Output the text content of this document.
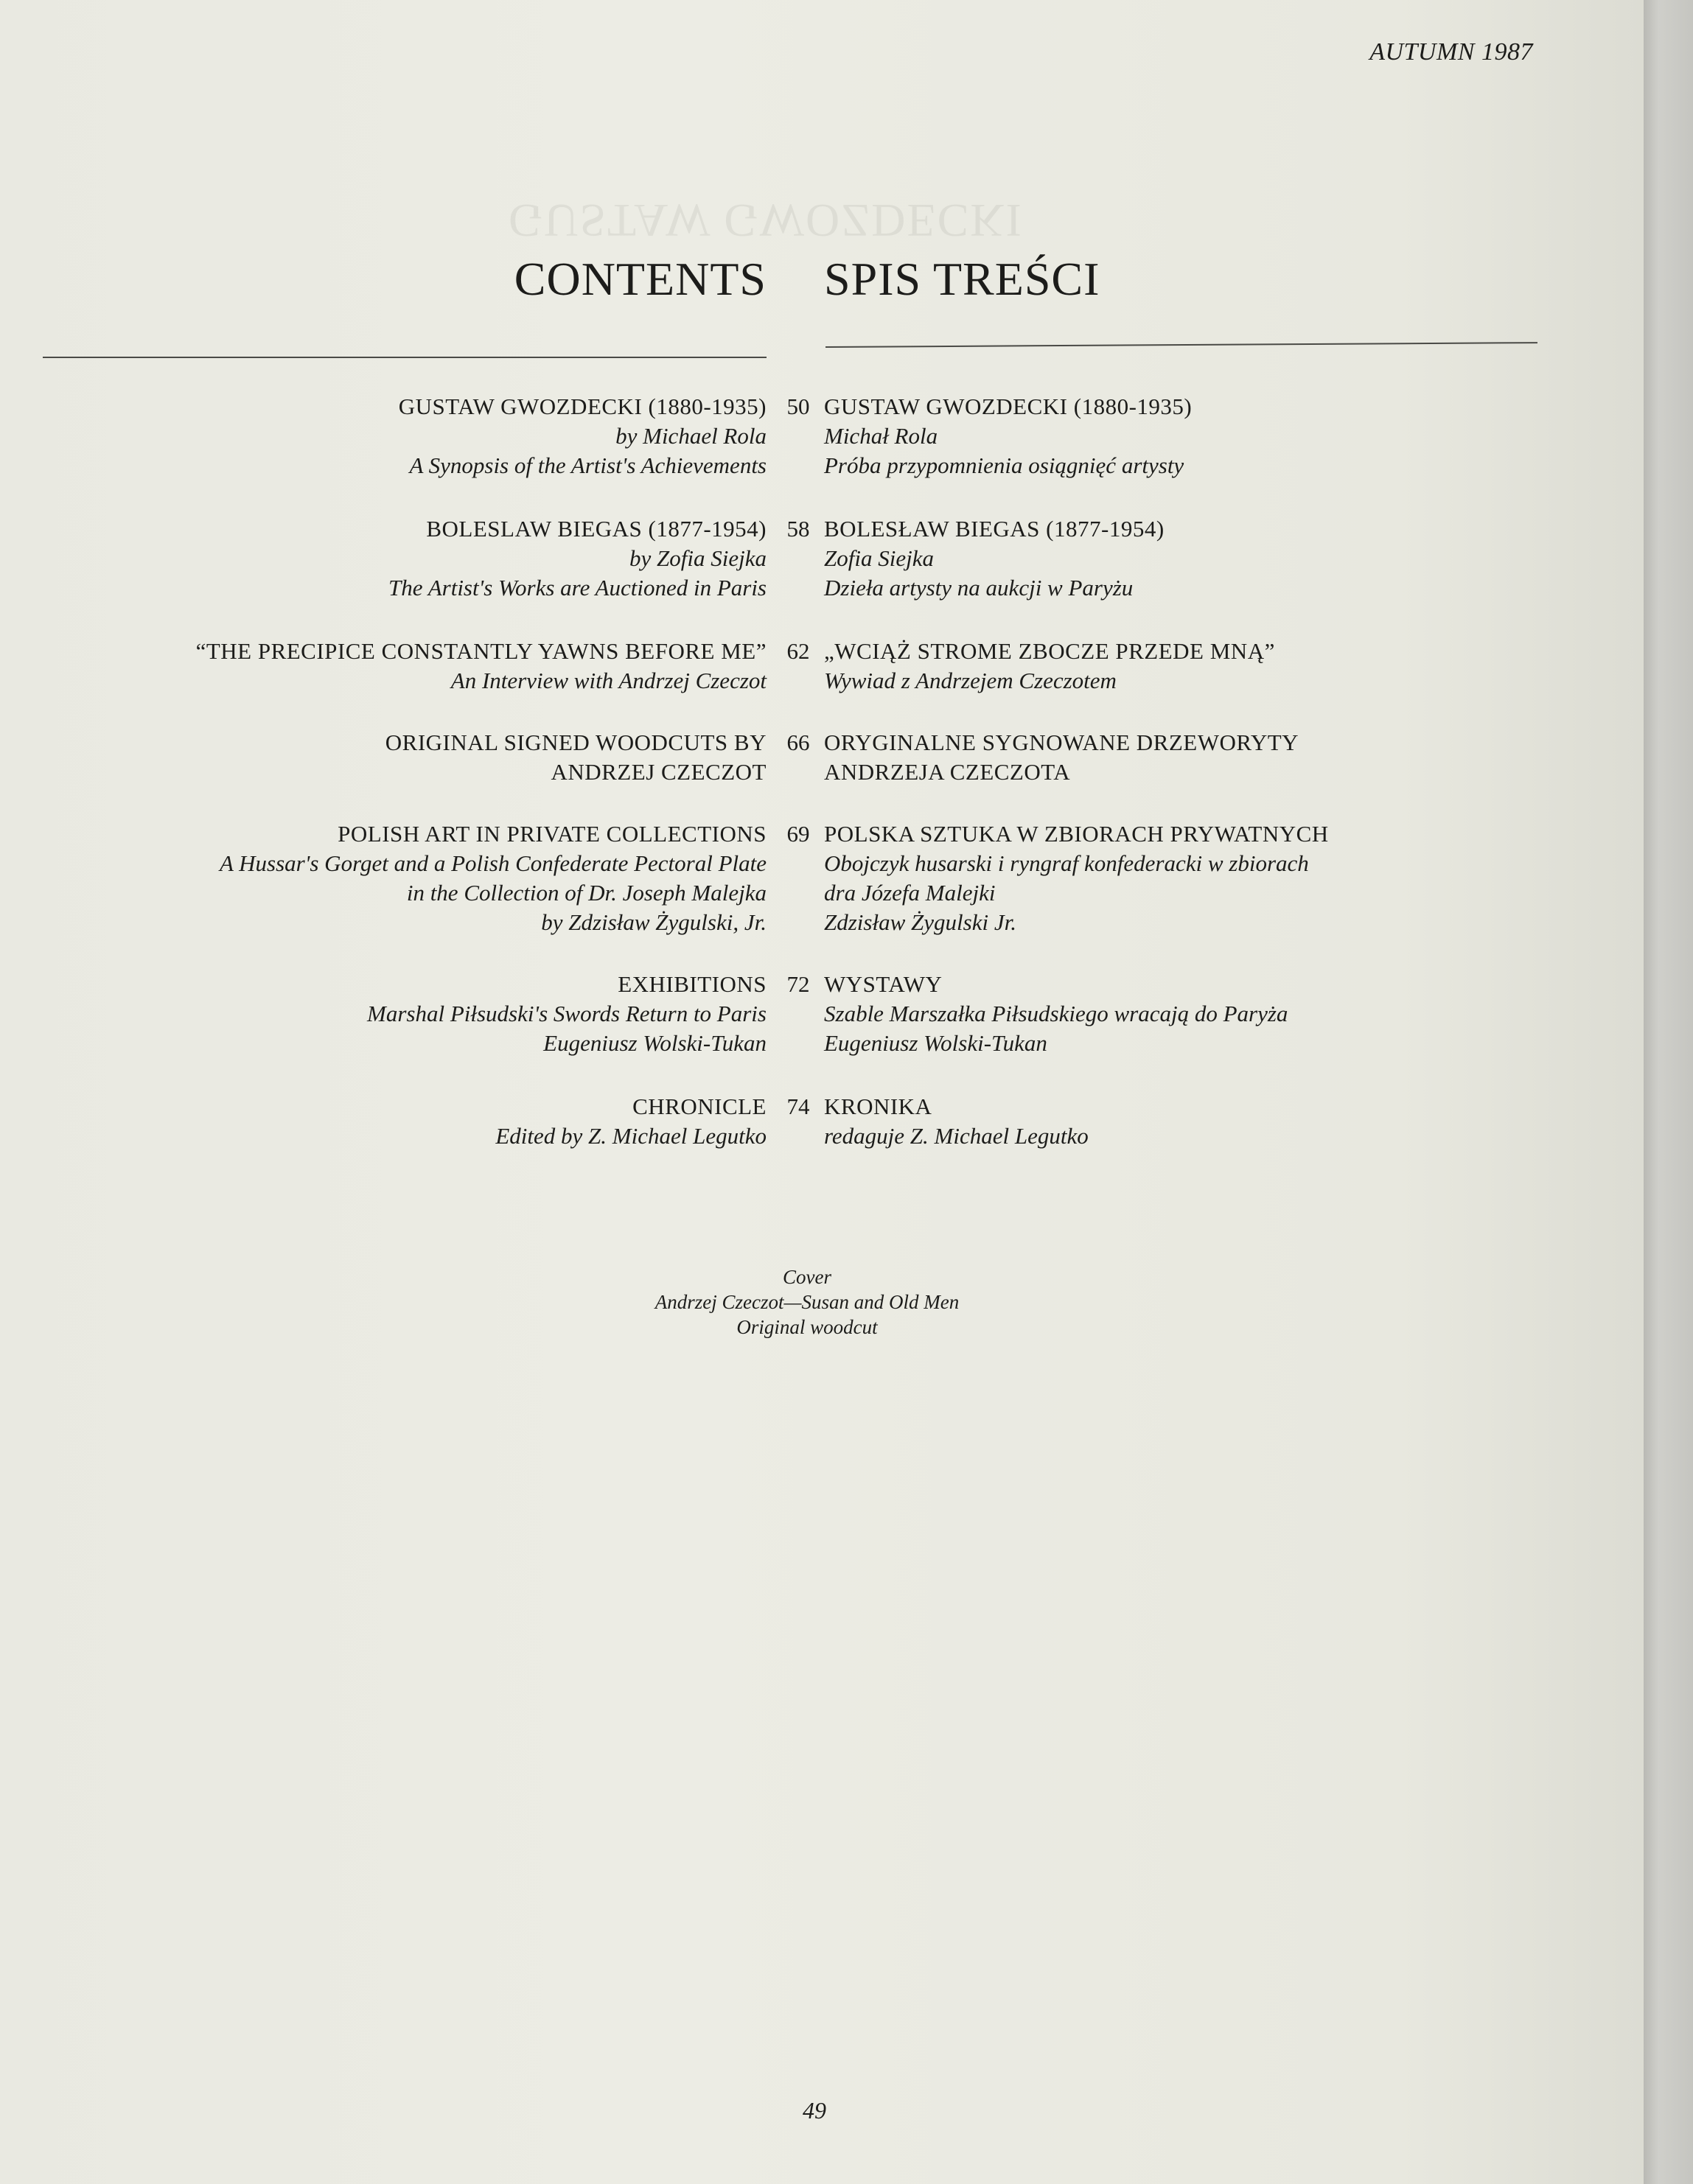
AUTUMN 1987
GUSTAW GWOZDECKI
CONTENTS SPIS TREŚCI
GUSTAW GWOZDECKI (1880-1935)
by Michael Rola
A Synopsis of the Artist's Achievements
50 GUSTAW GWOZDECKI (1880-1935)
Michał Rola
Próba przypomnienia osiągnięć artysty
BOLESLAW BIEGAS (1877-1954)
by Zofia Siejka
The Artist's Works are Auctioned in Paris
58 BOLESŁAW BIEGAS (1877-1954)
Zofia Siejka
Dzieła artysty na aukcji w Paryżu
“THE PRECIPICE CONSTANTLY YAWNS BEFORE ME”
An Interview with Andrzej Czeczot
62 „WCIĄŻ STROME ZBOCZE PRZEDE MNĄ”
Wywiad z Andrzejem Czeczotem
ORIGINAL SIGNED WOODCUTS BY
ANDRZEJ CZECZOT
66 ORYGINALNE SYGNOWANE DRZEWORYTY
ANDRZEJA CZECZOTA
POLISH ART IN PRIVATE COLLECTIONS
A Hussar's Gorget and a Polish Confederate Pectoral Plate
in the Collection of Dr. Joseph Malejka
by Zdzisław Żygulski, Jr.
69 POLSKA SZTUKA W ZBIORACH PRYWATNYCH
Obojczyk husarski i ryngraf konfederacki w zbiorach
dra Józefa Malejki
Zdzisław Żygulski Jr.
EXHIBITIONS
Marshal Piłsudski's Swords Return to Paris
Eugeniusz Wolski-Tukan
72 WYSTAWY
Szable Marszałka Piłsudskiego wracają do Paryża
Eugeniusz Wolski-Tukan
CHRONICLE
Edited by Z. Michael Legutko
74 KRONIKA
redaguje Z. Michael Legutko
Cover
Andrzej Czeczot—Susan and Old Men
Original woodcut
49
